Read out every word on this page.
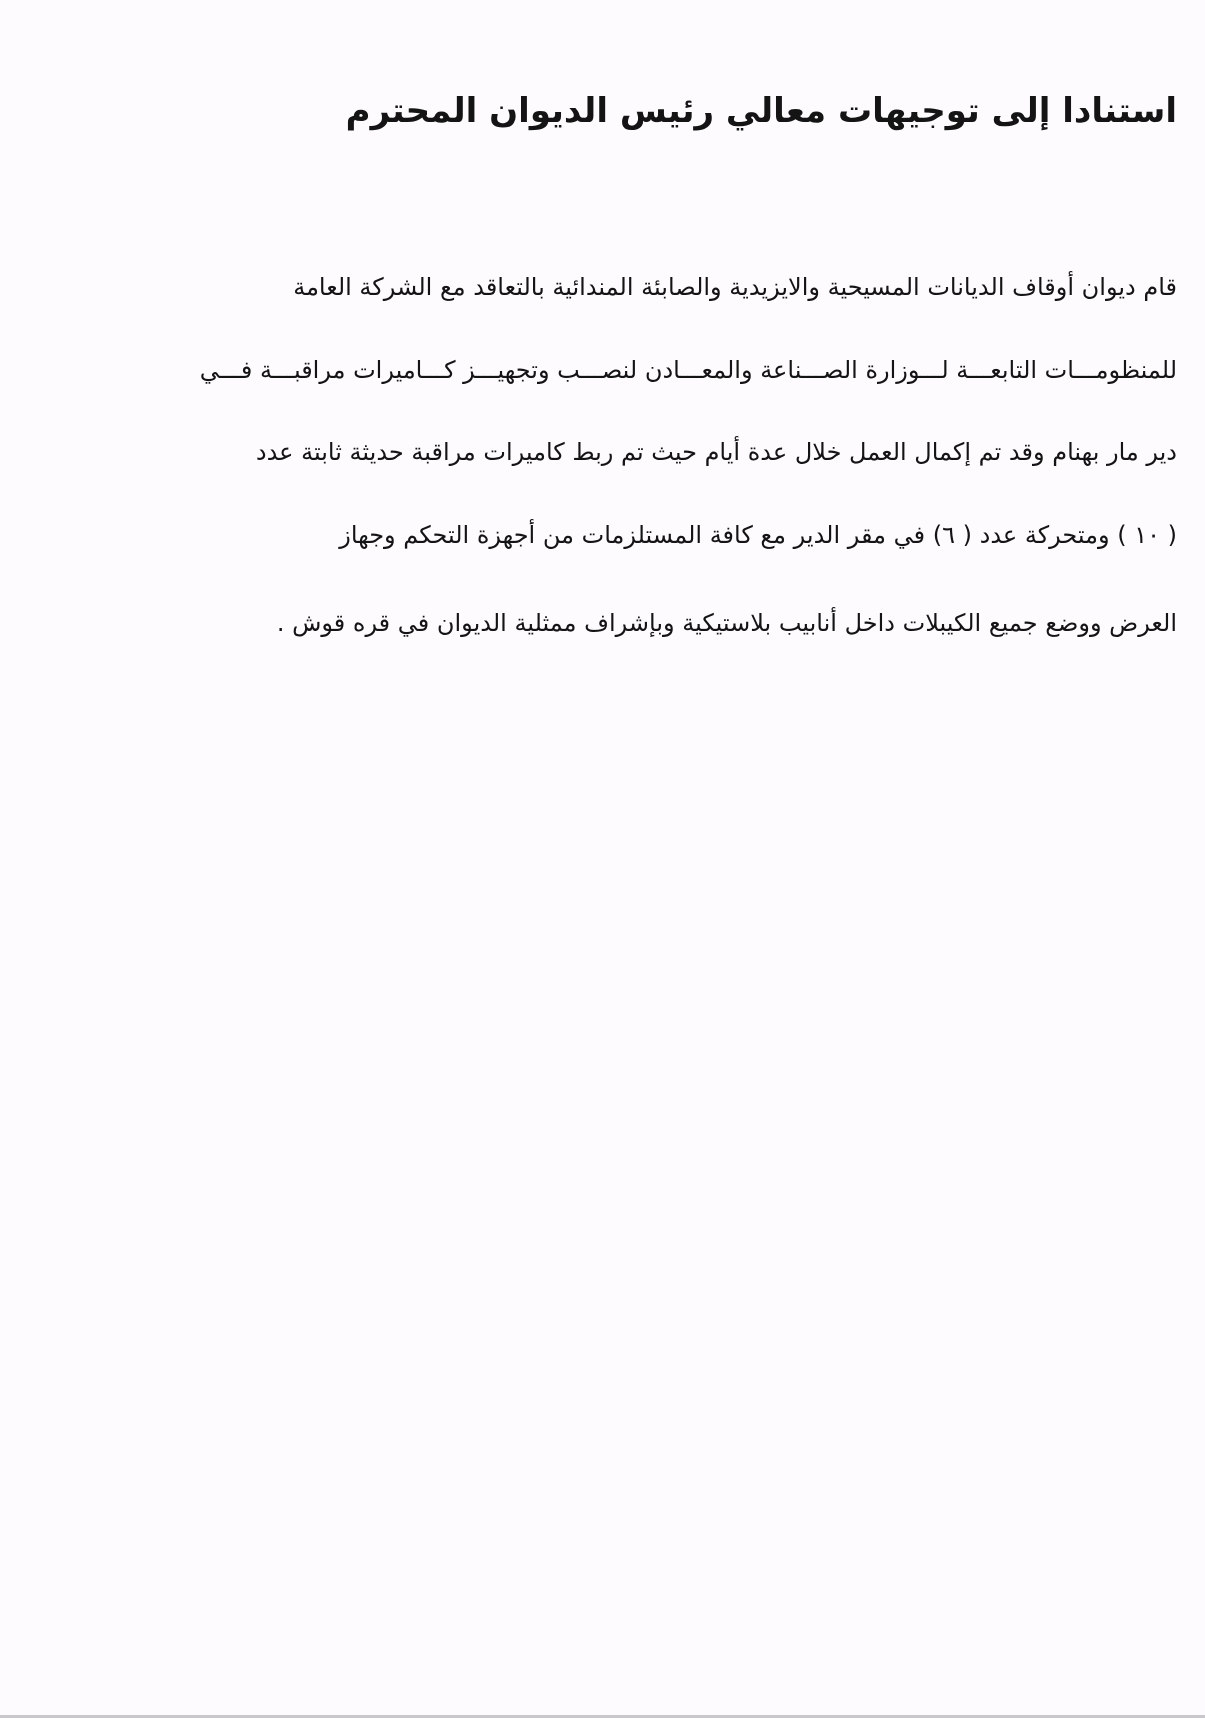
استنادا إلى توجيهات معالي رئيس الديوان المحترم

قام ديوان أوقاف الديانات المسيحية والايزيدية والصابئة المندائية بالتعاقد مع الشركة العامة

للمنظومـــات التابعـــة لـــوزارة الصـــناعة والمعـــادن لنصـــب وتجهيـــز كـــاميرات مراقبـــة فـــي

دير مار بهنام وقد تم إكمال العمل خلال عدة أيام حيث تم ربط كاميرات مراقبة حديثة ثابتة عدد

( ١٠ ) ومتحركة عدد ( ٦) في مقر الدير مع كافة المستلزمات من أجهزة التحكم وجهاز

العرض ووضع جميع الكيبلات داخل أنابيب بلاستيكية وبإشراف ممثلية الديوان في قره قوش .
